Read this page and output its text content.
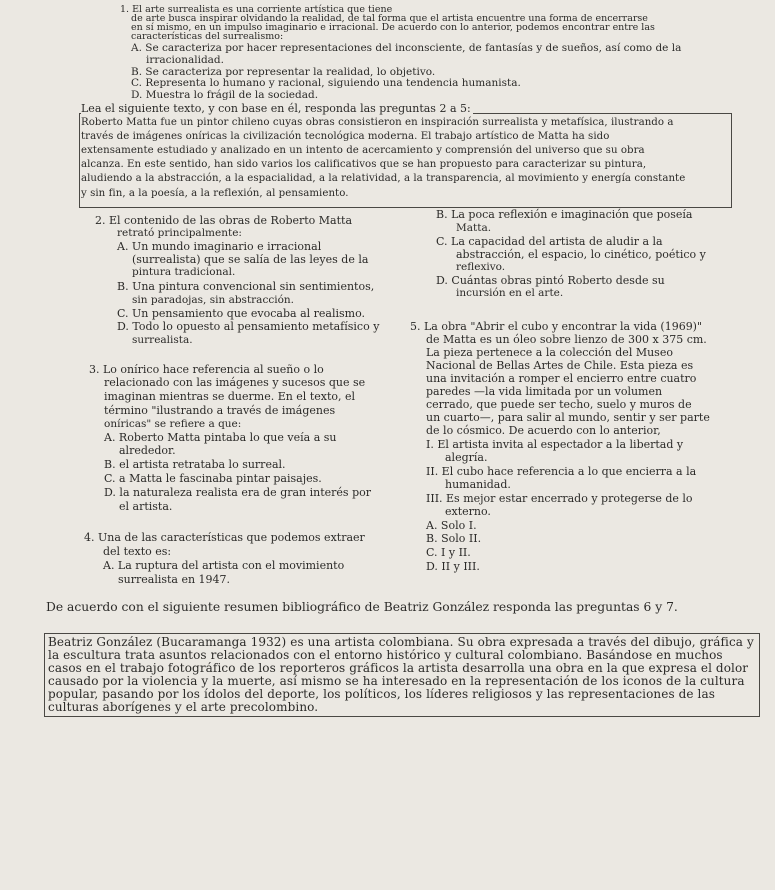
1. El arte surrealista es una corriente artística que tiene
de arte busca inspirar olvidando la realidad, de tal forma que el artista encuentre una forma de encerrarse
en sí mismo, en un impulso imaginario e irracional. De acuerdo con lo anterior, podemos encontrar entre las
características del surrealismo:
A. Se caracteriza por hacer representaciones del inconsciente, de fantasías y de sueños, así como de la
irracionalidad.
B. Se caracteriza por representar la realidad, lo objetivo.
C. Representa lo humano y racional, siguiendo una tendencia humanista.
D. Muestra lo frágil de la sociedad.
Lea el siguiente texto, y con base en él, responda las preguntas 2 a 5:
Roberto Matta fue un pintor chileno cuyas obras consistieron en inspiración surrealista y metafísica, ilustrando a
través de imágenes oníricas la civilización tecnológica moderna. El trabajo artístico de Matta ha sido
extensamente estudiado y analizado en un intento de acercamiento y comprensión del universo que su obra
alcanza. En este sentido, han sido varios los calificativos que se han propuesto para caracterizar su pintura,
aludiendo a la abstracción, a la espacialidad, a la relatividad, a la transparencia, al movimiento y energía constante
y sin fin, a la poesía, a la reflexión, al pensamiento.
2. El contenido de las obras de Roberto Matta
retrató principalmente:
A. Un mundo imaginario e irracional
(surrealista) que se salía de las leyes de la
pintura tradicional.
B. Una pintura convencional sin sentimientos,
sin paradojas, sin abstracción.
C. Un pensamiento que evocaba al realismo.
D. Todo lo opuesto al pensamiento metafísico y
surrealista.
3. Lo onírico hace referencia al sueño o lo
relacionado con las imágenes y sucesos que se
imaginan mientras se duerme. En el texto, el
término "ilustrando a través de imágenes
oníricas" se refiere a que:
A. Roberto Matta pintaba lo que veía a su
alrededor.
B. el artista retrataba lo surreal.
C. a Matta le fascinaba pintar paisajes.
D. la naturaleza realista era de gran interés por
el artista.
4. Una de las características que podemos extraer
del texto es:
A. La ruptura del artista con el movimiento
surrealista en 1947.
B. La poca reflexión e imaginación que poseía
Matta.
C. La capacidad del artista de aludir a la
abstracción, el espacio, lo cinético, poético y
reflexivo.
D. Cuántas obras pintó Roberto desde su
incursión en el arte.
5. La obra "Abrir el cubo y encontrar la vida (1969)"
de Matta es un óleo sobre lienzo de 300 x 375 cm.
La pieza pertenece a la colección del Museo
Nacional de Bellas Artes de Chile. Esta pieza es
una invitación a romper el encierro entre cuatro
paredes —la vida limitada por un volumen
cerrado, que puede ser techo, suelo y muros de
un cuarto—, para salir al mundo, sentir y ser parte
de lo cósmico. De acuerdo con lo anterior,
I. El artista invita al espectador a la libertad y
alegría.
II. El cubo hace referencia a lo que encierra a la
humanidad.
III. Es mejor estar encerrado y protegerse de lo
externo.
A. Solo I.
B. Solo II.
C. I y II.
D. II y III.
De acuerdo con el siguiente resumen bibliográfico de Beatriz González responda las preguntas 6 y 7.
Beatriz González (Bucaramanga 1932) es una artista colombiana. Su obra expresada a través del dibujo, gráfica y
la escultura trata asuntos relacionados con el entorno histórico y cultural colombiano. Basándose en muchos
casos en el trabajo fotográfico de los reporteros gráficos la artista desarrolla una obra en la que expresa el dolor
causado por la violencia y la muerte, así mismo se ha interesado en la representación de los iconos de la cultura
popular, pasando por los ídolos del deporte, los políticos, los líderes religiosos y las representaciones de las
culturas aborígenes y el arte precolombino.
